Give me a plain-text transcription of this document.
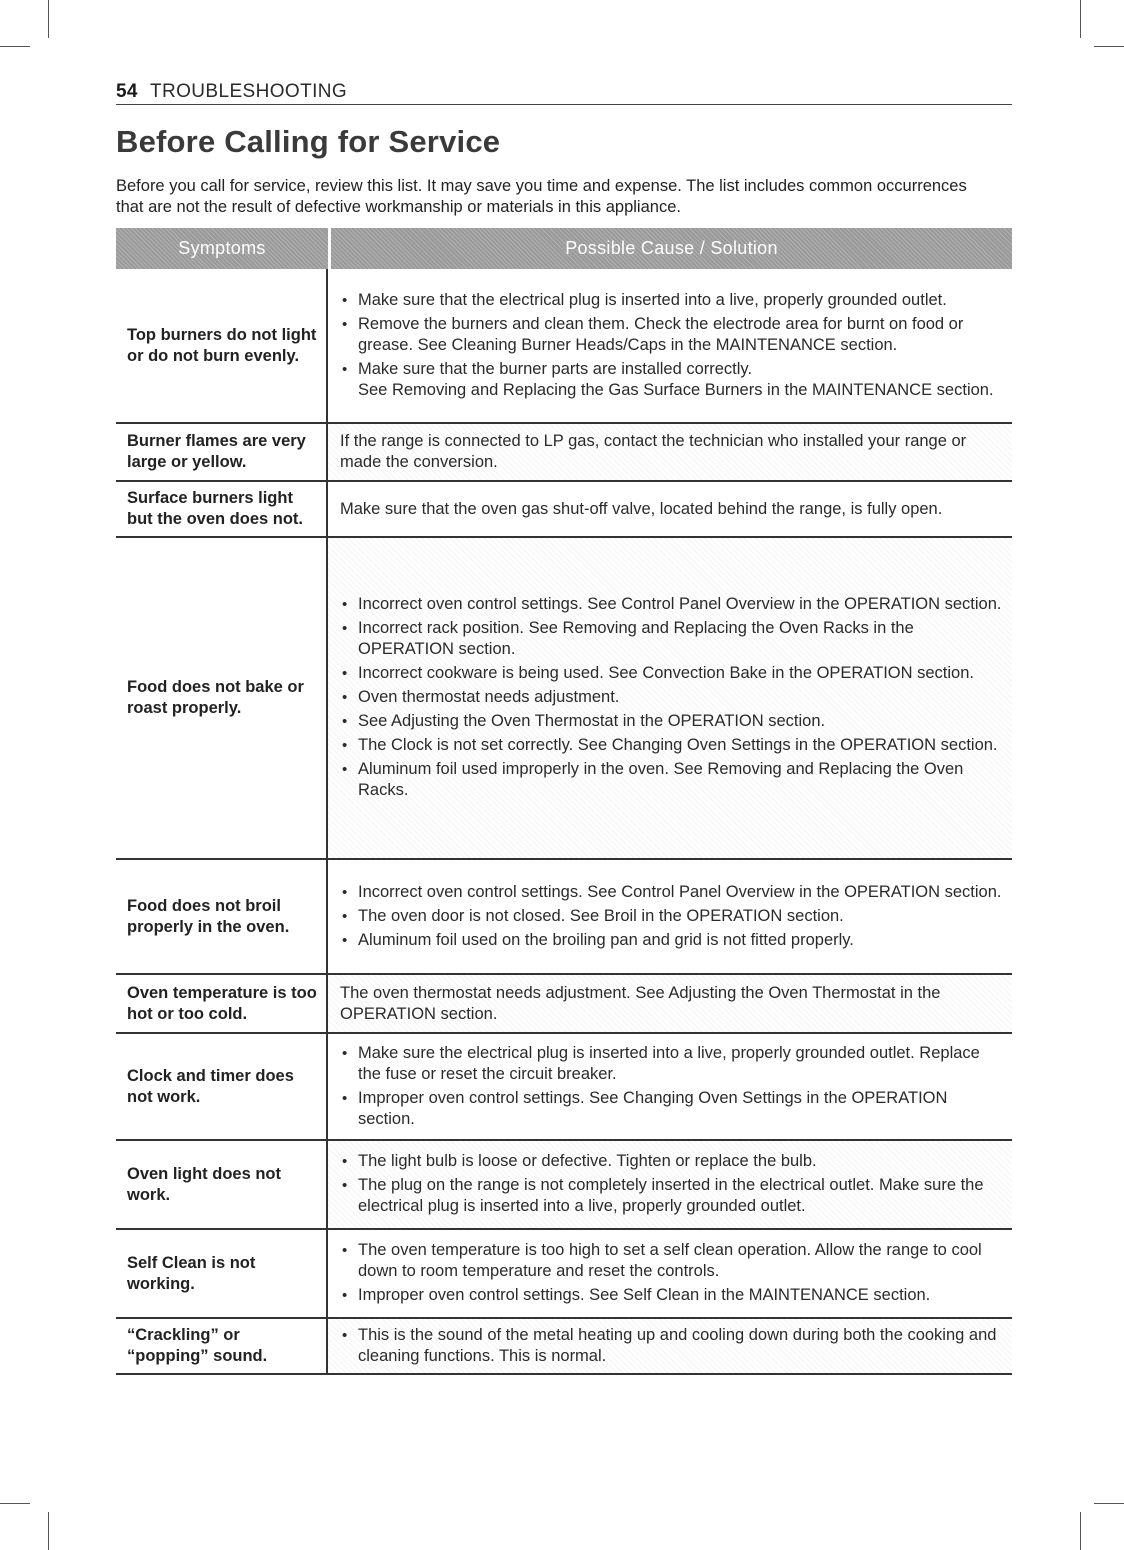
54 TROUBLESHOOTING
Before Calling for Service

Before you call for service, review this list. It may save you time and expense. The list includes common occurrences that are not the result of defective workmanship or materials in this appliance.

Symptoms	Possible Cause / Solution
Top burners do not light or do not burn evenly.
• Make sure that the electrical plug is inserted into a live, properly grounded outlet.
• Remove the burners and clean them. Check the electrode area for burnt on food or grease. See Cleaning Burner Heads/Caps in the MAINTENANCE section.
• Make sure that the burner parts are installed correctly.
See Removing and Replacing the Gas Surface Burners in the MAINTENANCE section.
Burner flames are very large or yellow.

If the range is connected to LP gas, contact the technician who installed your range or made the conversion.

Surface burners light but the oven does not.

Make sure that the oven gas shut-off valve, located behind the range, is fully open.

Food does not bake or roast properly.
• Incorrect oven control settings. See Control Panel Overview in the OPERATION section.
• Incorrect rack position. See Removing and Replacing the Oven Racks in the OPERATION section.
• Incorrect cookware is being used. See Convection Bake in the OPERATION section.
• Oven thermostat needs adjustment.
• See Adjusting the Oven Thermostat in the OPERATION section.
• The Clock is not set correctly. See Changing Oven Settings in the OPERATION section.
• Aluminum foil used improperly in the oven. See Removing and Replacing the Oven Racks.
Food does not broil properly in the oven.
• Incorrect oven control settings. See Control Panel Overview in the OPERATION section.
• The oven door is not closed. See Broil in the OPERATION section.
• Aluminum foil used on the broiling pan and grid is not fitted properly.
Oven temperature is too hot or too cold.

The oven thermostat needs adjustment. See Adjusting the Oven Thermostat in the OPERATION section.

Clock and timer does not work.
• Make sure the electrical plug is inserted into a live, properly grounded outlet. Replace the fuse or reset the circuit breaker.
• Improper oven control settings. See Changing Oven Settings in the OPERATION section.
Oven light does not work.
• The light bulb is loose or defective. Tighten or replace the bulb.
• The plug on the range is not completely inserted in the electrical outlet. Make sure the electrical plug is inserted into a live, properly grounded outlet.
Self Clean is not working.
• The oven temperature is too high to set a self clean operation. Allow the range to cool down to room temperature and reset the controls.
• Improper oven control settings. See Self Clean in the MAINTENANCE section.
“Crackling” or “popping” sound.
• This is the sound of the metal heating up and cooling down during both the cooking and cleaning functions. This is normal.
